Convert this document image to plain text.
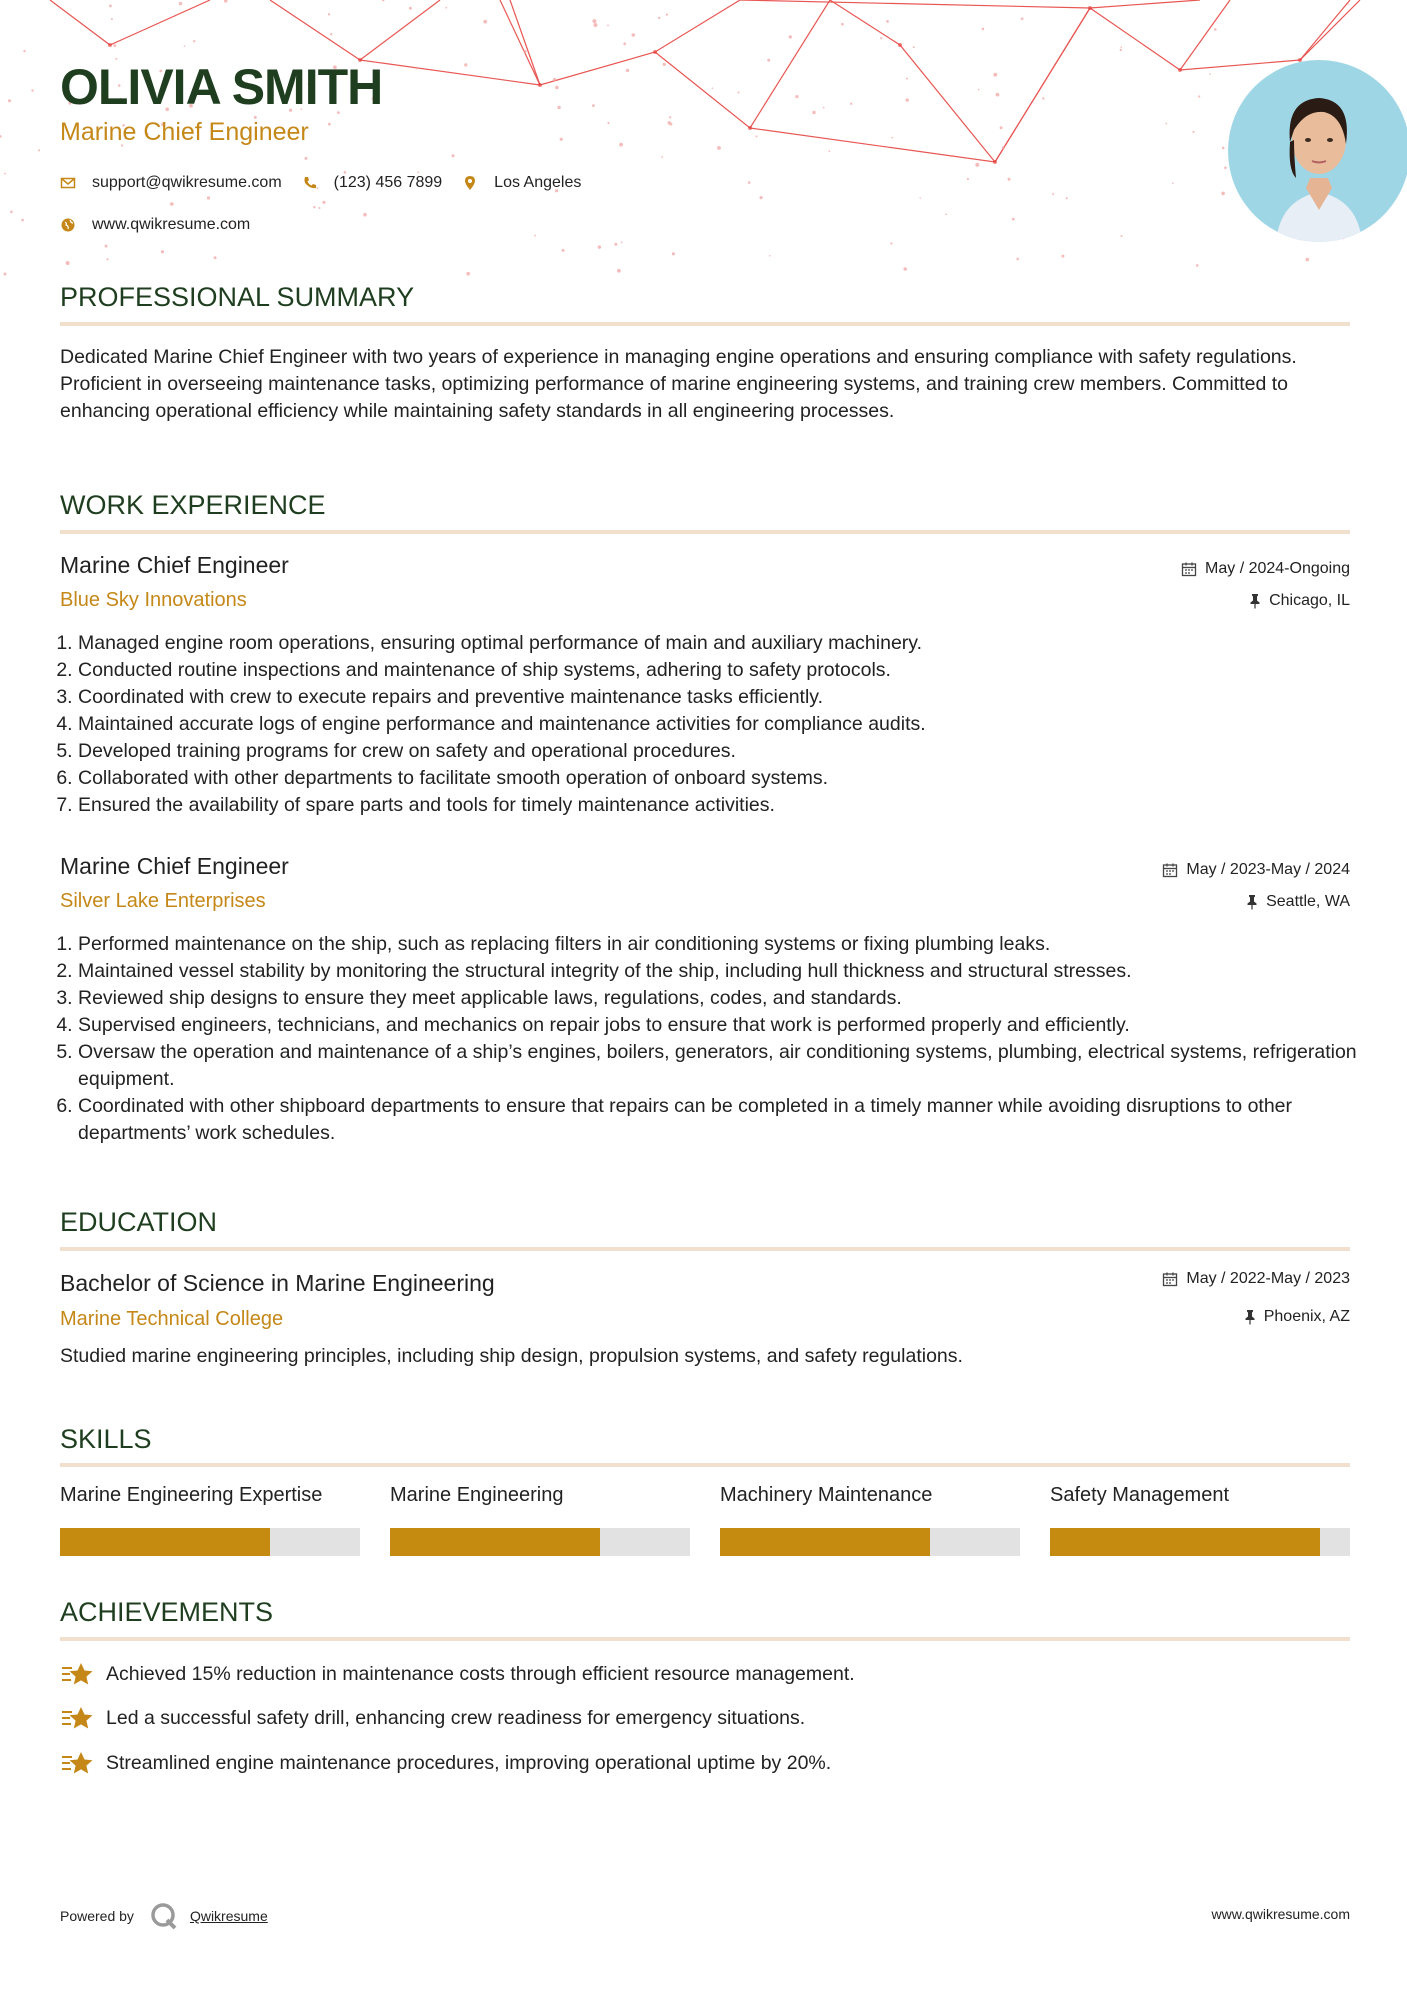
OLIVIA SMITH
Marine Chief Engineer
support@qwikresume.com	(123) 456 7899	Los Angeles
www.qwikresume.com
PROFESSIONAL SUMMARY

Dedicated Marine Chief Engineer with two years of experience in managing engine operations and ensuring compliance with safety regulations. Proficient in overseeing maintenance tasks, optimizing performance of marine engineering systems, and training crew members. Committed to enhancing operational efficiency while maintaining safety standards in all engineering processes.

WORK EXPERIENCE
Marine Chief Engineer
Blue Sky Innovations
May / 2024-Ongoing
Chicago, IL
1. Managed engine room operations, ensuring optimal performance of main and auxiliary machinery.
2. Conducted routine inspections and maintenance of ship systems, adhering to safety protocols.
3. Coordinated with crew to execute repairs and preventive maintenance tasks efficiently.
4. Maintained accurate logs of engine performance and maintenance activities for compliance audits.
5. Developed training programs for crew on safety and operational procedures.
6. Collaborated with other departments to facilitate smooth operation of onboard systems.
7. Ensured the availability of spare parts and tools for timely maintenance activities.
Marine Chief Engineer
Silver Lake Enterprises
May / 2023-May / 2024
Seattle, WA
1. Performed maintenance on the ship, such as replacing filters in air conditioning systems or fixing plumbing leaks.
2. Maintained vessel stability by monitoring the structural integrity of the ship, including hull thickness and structural stresses.
3. Reviewed ship designs to ensure they meet applicable laws, regulations, codes, and standards.
4. Supervised engineers, technicians, and mechanics on repair jobs to ensure that work is performed properly and efficiently.
5. Oversaw the operation and maintenance of a ship’s engines, boilers, generators, air conditioning systems, plumbing, electrical systems, refrigeration equipment.
6. Coordinated with other shipboard departments to ensure that repairs can be completed in a timely manner while avoiding disruptions to other departments’ work schedules.
EDUCATION
Bachelor of Science in Marine Engineering
Marine Technical College
May / 2022-May / 2023
Phoenix, AZ

Studied marine engineering principles, including ship design, propulsion systems, and safety regulations.

SKILLS
Marine Engineering Expertise	Marine Engineering	Machinery Maintenance	Safety Management
ACHIEVEMENTS
Achieved 15% reduction in maintenance costs through efficient resource management.
Led a successful safety drill, enhancing crew readiness for emergency situations.
Streamlined engine maintenance procedures, improving operational uptime by 20%.
Powered by	Qwikresume	www.qwikresume.com
